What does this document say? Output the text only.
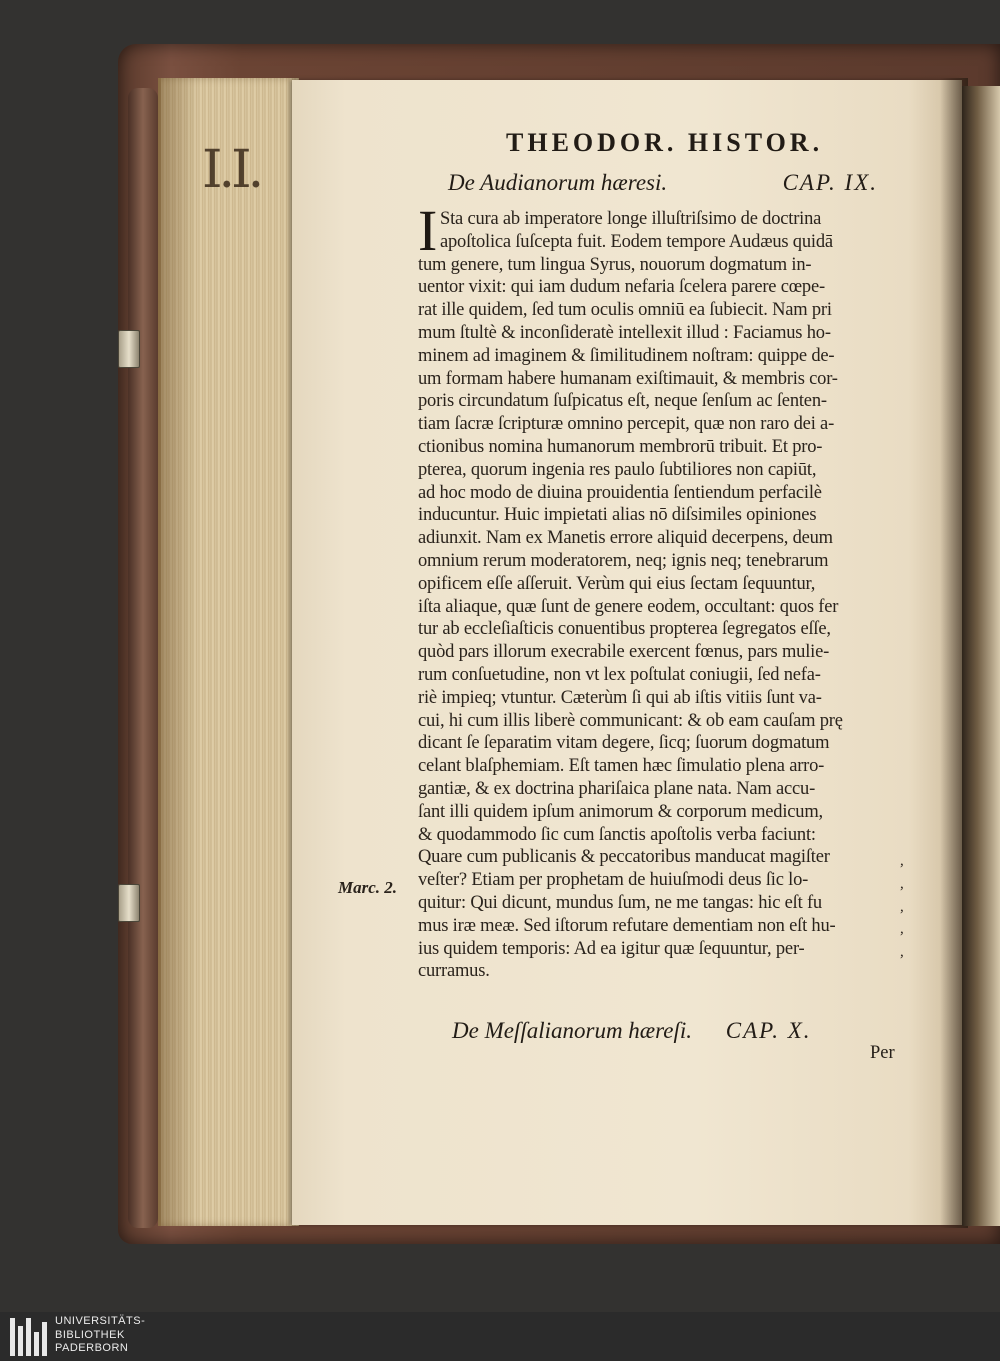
I.I.	THEODOR. HISTOR.
De Audianorum hæresi.	CAP. IX.
I Sta cura ab imperatore longe illuſtriſsimo de doctrina
apoſtolica ſuſcepta fuit. Eodem tempore Audæus quidā
tum genere, tum lingua Syrus, nouorum dogmatum in-
uentor vixit: qui iam dudum nefaria ſcelera parere cœpe-
rat ille quidem, ſed tum oculis omniū ea ſubiecit. Nam pri
mum ſtultè & inconſideratè intellexit illud : Faciamus ho-
minem ad imaginem & ſimilitudinem noſtram: quippe de-
um formam habere humanam exiſtimauit, & membris cor-
poris circundatum ſuſpicatus eſt, neque ſenſum ac ſenten-
tiam ſacræ ſcripturæ omnino percepit, quæ non raro dei a-
ctionibus nomina humanorum membrorū tribuit. Et pro-
pterea, quorum ingenia res paulo ſubtiliores non capiūt,
ad hoc modo de diuina prouidentia ſentiendum perfacilè
inducuntur. Huic impietati alias nō diſsimiles opiniones
adiunxit. Nam ex Manetis errore aliquid decerpens, deum
omnium rerum moderatorem, neq; ignis neq; tenebrarum
opificem eſſe aſſeruit. Verùm qui eius ſectam ſequuntur,
iſta aliaque, quæ ſunt de genere eodem, occultant: quos fer
tur ab eccleſiaſticis conuentibus propterea ſegregatos eſſe,
quòd pars illorum execrabile exercent fœnus, pars mulie-
rum conſuetudine, non vt lex poſtulat coniugii, ſed nefa-
riè impieq; vtuntur. Cæterùm ſi qui ab iſtis vitiis ſunt va-
cui, hi cum illis liberè communicant: & ob eam cauſam prę
dicant ſe ſeparatim vitam degere, ſicq; ſuorum dogmatum
celant blaſphemiam. Eſt tamen hæc ſimulatio plena arro-
gantiæ, & ex doctrina phariſaica plane nata. Nam accu-
ſant illi quidem ipſum animorum & corporum medicum,
& quodammodo ſic cum ſanctis apoſtolis verba faciunt:
Quare cum publicanis & peccatoribus manducat magiſter
veſter? Etiam per prophetam de huiuſmodi deus ſic lo-
quitur: Qui dicunt, mundus ſum, ne me tangas: hic eſt fu
mus iræ meæ. Sed iſtorum refutare dementiam non eſt hu-
ius quidem temporis: Ad ea igitur quæ ſequuntur, per-
curramus.
Marc. 2.
,
,
,
,
,
De Meſſalianorum hæreſi. CAP. X.
Per
UNIVERSITÄTS-
BIBLIOTHEK
PADERBORN
